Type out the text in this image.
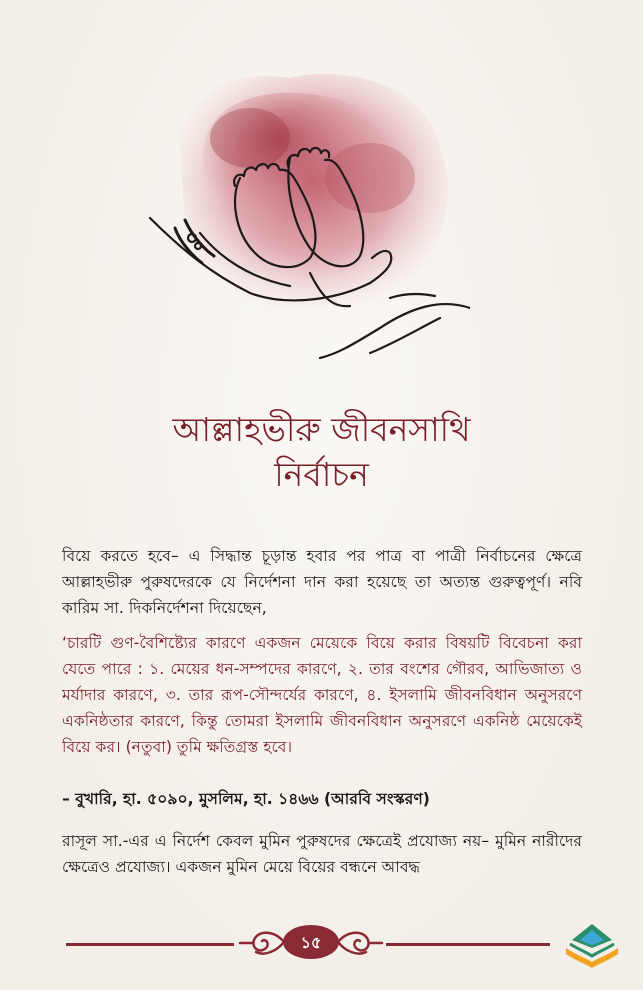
আল্লাহভীরু জীবনসাথি
নির্বাচন
বিয়ে করতে হবে– এ সিদ্ধান্ত চূড়ান্ত হবার পর পাত্র বা পাত্রী নির্বাচনের ক্ষেত্রে আল্লাহভীরু পুরুষদেরকে যে নির্দেশনা দান করা হয়েছে তা অত্যন্ত গুরুত্বপূর্ণ। নবি কারিম সা. দিকনির্দেশনা দিয়েছেন,
‘চারটি গুণ-বৈশিষ্ট্যের কারণে একজন মেয়েকে বিয়ে করার বিষয়টি বিবেচনা করা যেতে পারে : ১. মেয়ের ধন-সম্পদের কারণে, ২. তার বংশের গৌরব, আভিজাত্য ও মর্যাদার কারণে, ৩. তার রূপ-সৌন্দর্যের কারণে, ৪. ইসলামি জীবনবিধান অনুসরণে একনিষ্ঠতার কারণে, কিন্তু তোমরা ইসলামি জীবনবিধান অনুসরণে একনিষ্ঠ মেয়েকেই বিয়ে কর। (নতুবা) তুমি ক্ষতিগ্রস্ত হবে।
– বুখারি, হা. ৫০৯০, মুসলিম, হা. ১৪৬৬ (আরবি সংস্করণ)
রাসূল সা.-এর এ নির্দেশ কেবল মুমিন পুরুষদের ক্ষেত্রেই প্রযোজ্য নয়– মুমিন নারীদের ক্ষেত্রেও প্রযোজ্য। একজন মুমিন মেয়ে বিয়ের বন্ধনে আবদ্ধ
১৫
